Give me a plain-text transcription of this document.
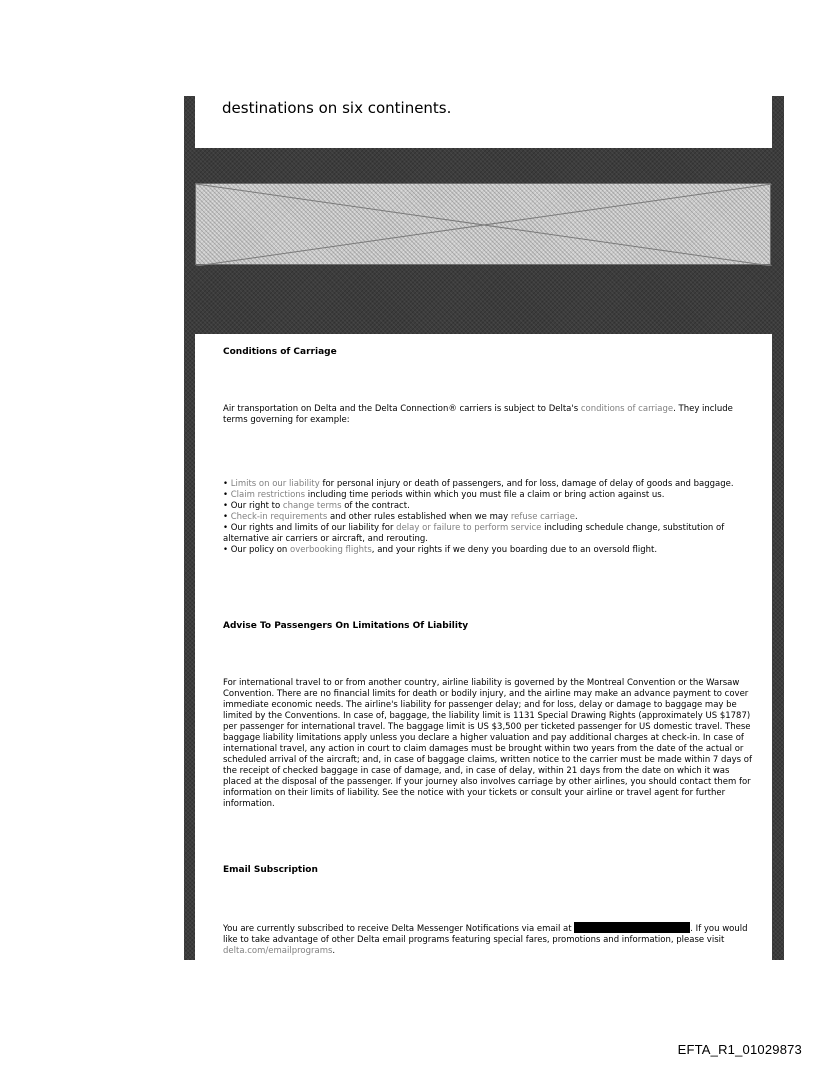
destinations on six continents.

Conditions of Carriage

Air transportation on Delta and the Delta Connection® carriers is subject to Delta's conditions of carriage. They include terms governing for example:

• Limits on our liability for personal injury or death of passengers, and for loss, damage of delay of goods and baggage.
• Claim restrictions including time periods within which you must file a claim or bring action against us.
• Our right to change terms of the contract.
• Check-in requirements and other rules established when we may refuse carriage.
• Our rights and limits of our liability for delay or failure to perform service including schedule change, substitution of alternative air carriers or aircraft, and rerouting.
• Our policy on overbooking flights, and your rights if we deny you boarding due to an oversold flight.
Advise To Passengers On Limitations Of Liability

For international travel to or from another country, airline liability is governed by the Montreal Convention or the Warsaw Convention. There are no financial limits for death or bodily injury, and the airline may make an advance payment to cover immediate economic needs. The airline's liability for passenger delay; and for loss, delay or damage to baggage may be limited by the Conventions. In case of, baggage, the liability limit is 1131 Special Drawing Rights (approximately US $1787) per passenger for international travel. The baggage limit is US $3,500 per ticketed passenger for US domestic travel. These baggage liability limitations apply unless you declare a higher valuation and pay additional charges at check-in. In case of international travel, any action in court to claim damages must be brought within two years from the date of the actual or scheduled arrival of the aircraft; and, in case of baggage claims, written notice to the carrier must be made within 7 days of the receipt of checked baggage in case of damage, and, in case of delay, within 21 days from the date on which it was placed at the disposal of the passenger. If your journey also involves carriage by other airlines, you should contact them for information on their limits of liability. See the notice with your tickets or consult your airline or travel agent for further information.

Email Subscription

You are currently subscribed to receive Delta Messenger Notifications via email at	. If you would like to take advantage of other Delta email programs featuring special fares, promotions and information, please visit delta.com/emailprograms.

EFTA_R1_01029873
